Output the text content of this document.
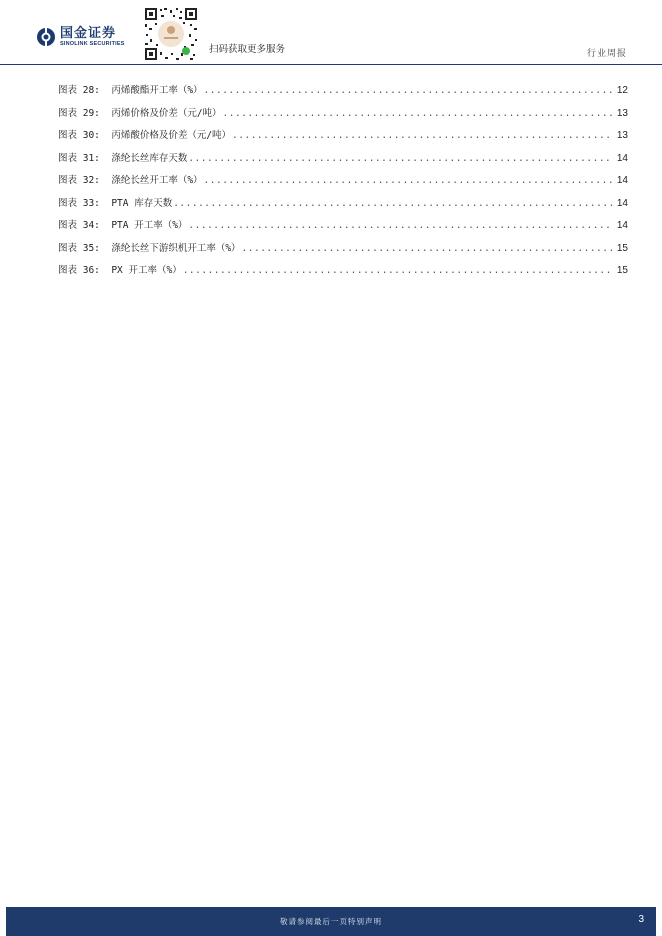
国金证券
SINOLINK SECURITIES
扫码获取更多服务	行业周报
图表 28:  丙烯酸酯开工率（%） .....	12
图表 29:  丙烯价格及价差（元/吨） .....	13
图表 30:  丙烯酸价格及价差（元/吨） .....	13
图表 31:  涤纶长丝库存天数 .....	14
图表 32:  涤纶长丝开工率（%） .....	14
图表 33:  PTA 库存天数 .....	14
图表 34:  PTA 开工率（%） .....	14
图表 35:  涤纶长丝下游织机开工率（%） .....	15
图表 36:  PX 开工率（%） .....	15
敬请参阅最后一页特别声明	3
